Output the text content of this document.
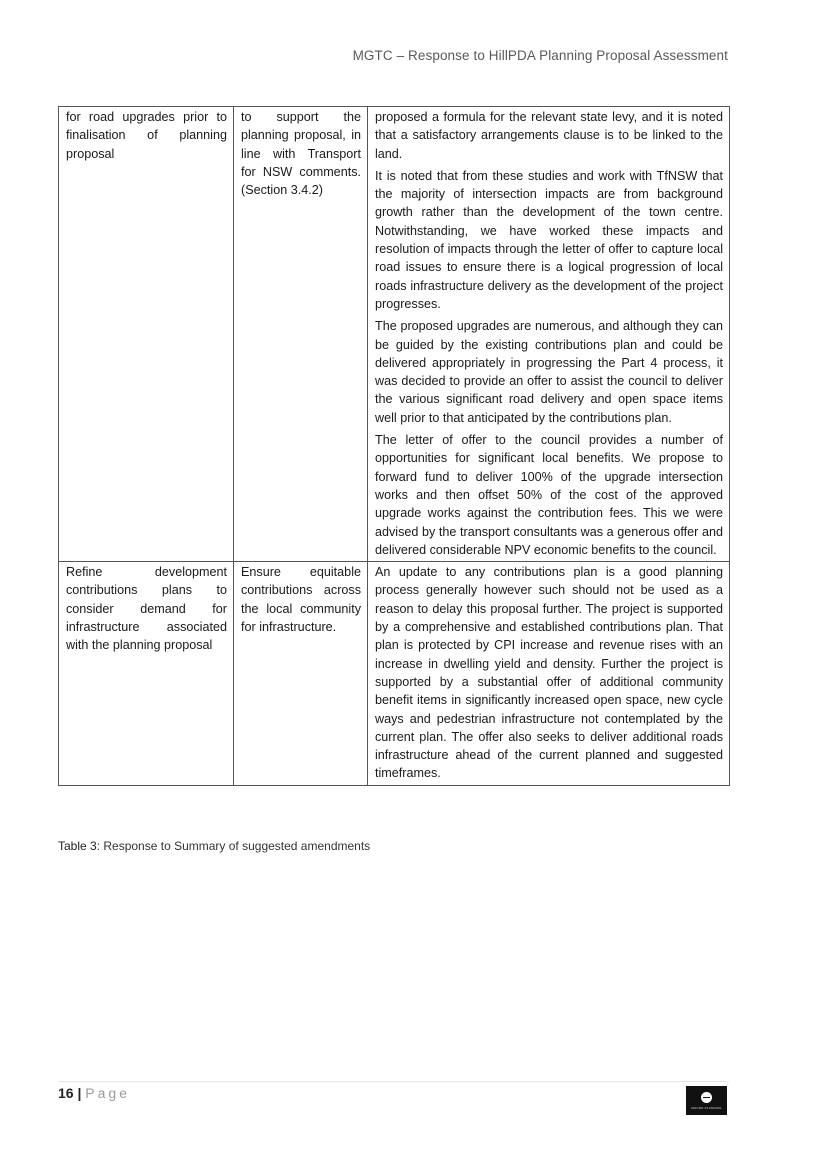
MGTC – Response to HillPDA Planning Proposal Assessment
for road upgrades prior to finalisation of planning proposal	to support the planning proposal, in line with Transport for NSW comments. (Section 3.4.2)	proposed a formula for the relevant state levy, and it is noted that a satisfactory arrangements clause is to be linked to the land.

It is noted that from these studies and work with TfNSW that the majority of intersection impacts are from background growth rather than the development of the town centre. Notwithstanding, we have worked these impacts and resolution of impacts through the letter of offer to capture local road issues to ensure there is a logical progression of local roads infrastructure delivery as the development of the project progresses.

The proposed upgrades are numerous, and although they can be guided by the existing contributions plan and could be delivered appropriately in progressing the Part 4 process, it was decided to provide an offer to assist the council to deliver the various significant road delivery and open space items well prior to that anticipated by the contributions plan.

The letter of offer to the council provides a number of opportunities for significant local benefits. We propose to forward fund to deliver 100% of the upgrade intersection works and then offset 50% of the cost of the approved upgrade works against the contribution fees. This we were advised by the transport consultants was a generous offer and delivered considerable NPV economic benefits to the council.

Refine development contributions plans to consider demand for infrastructure associated with the planning proposal	Ensure equitable contributions across the local community for infrastructure.	An update to any contributions plan is a good planning process generally however such should not be used as a reason to delay this proposal further. The project is supported by a comprehensive and established contributions plan. That plan is protected by CPI increase and revenue rises with an increase in dwelling yield and density. Further the project is supported by a substantial offer of additional community benefit items in significantly increased open space, new cycle ways and pedestrian infrastructure not contemplated by the current plan. The offer also seeks to deliver additional roads infrastructure ahead of the current planned and suggested timeframes.

Table 3: Response to Summary of suggested amendments
16 | Page
MACRO PLANNING
